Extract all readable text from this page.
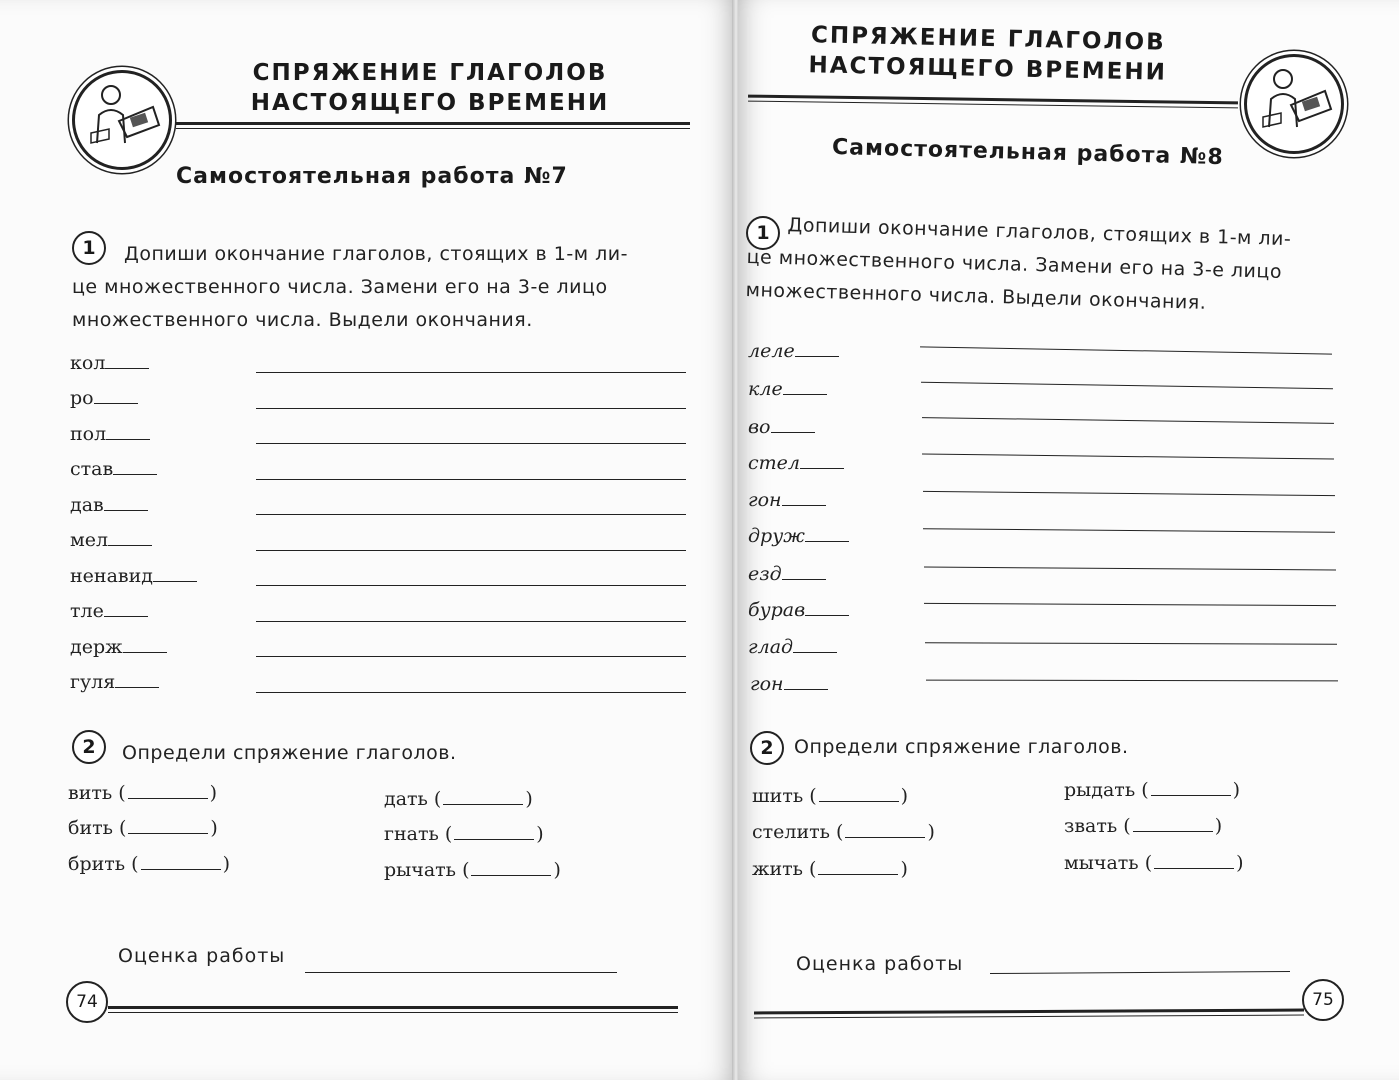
СПРЯЖЕНИЕ ГЛАГОЛОВ
НАСТОЯЩЕГО ВРЕМЕНИ
Самостоятельная работа №7
1	Допиши окончание глаголов, стоящих в 1-м ли-
це множественного числа. Замени его на 3-е лицо
множественного числа. Выдели окончания.
кол
ро
пол
став
дав
мел
ненавид
тле
держ
гуля
2	Определи спряжение глаголов.
вить (	)
бить (	)
брить (	)
дать (	)
гнать (	)
рычать (	)
Оценка работы
74
СПРЯЖЕНИЕ ГЛАГОЛОВ
НАСТОЯЩЕГО ВРЕМЕНИ
Самостоятельная работа №8
1 Допиши окончание глаголов, стоящих в 1-м ли-
це множественного числа. Замени его на 3-е лицо
множественного числа. Выдели окончания.
леле
кле
во
стел
гон
друж
езд
бурав
глад
гон
2	Определи спряжение глаголов.
шить (	)
стелить (	)
жить (	)
рыдать (	)
звать (	)
мычать (	)
Оценка работы
75
